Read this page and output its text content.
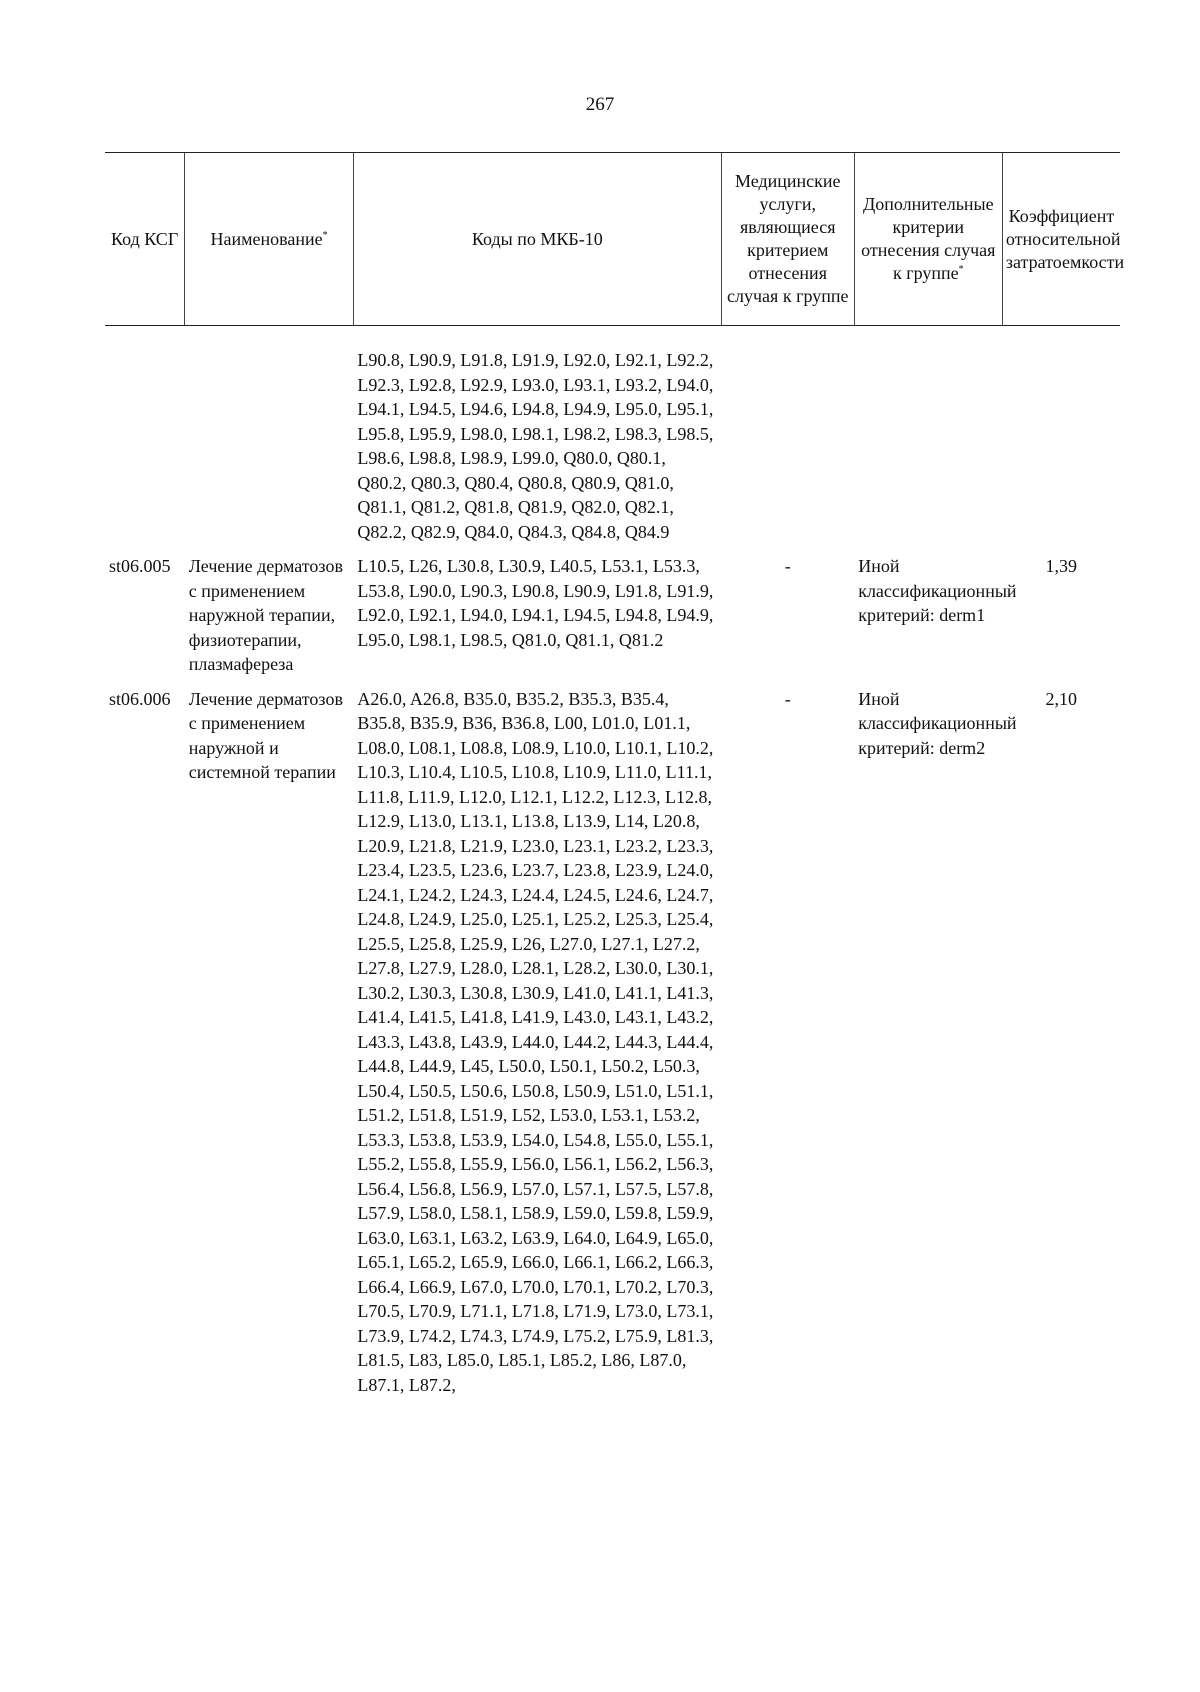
267
Код КСГ	Наименование*	Коды по МКБ-10	Медицинские услуги, являющиеся критерием отнесения случая к группе	Дополнительные критерии отнесения случая к группе*	Коэффициент относительной затратоемкости

		L90.8, L90.9, L91.8, L91.9, L92.0, L92.1, L92.2, L92.3, L92.8, L92.9, L93.0, L93.1, L93.2, L94.0, L94.1, L94.5, L94.6, L94.8, L94.9, L95.0, L95.1, L95.8, L95.9, L98.0, L98.1, L98.2, L98.3, L98.5, L98.6, L98.8, L98.9, L99.0, Q80.0, Q80.1, Q80.2, Q80.3, Q80.4, Q80.8, Q80.9, Q81.0, Q81.1, Q81.2, Q81.8, Q81.9, Q82.0, Q82.1, Q82.2, Q82.9, Q84.0, Q84.3, Q84.8, Q84.9			

st06.005	Лечение дерматозов с применением наружной терапии, физиотерапии, плазмафереза	L10.5, L26, L30.8, L30.9, L40.5, L53.1, L53.3, L53.8, L90.0, L90.3, L90.8, L90.9, L91.8, L91.9, L92.0, L92.1, L94.0, L94.1, L94.5, L94.8, L94.9, L95.0, L98.1, L98.5, Q81.0, Q81.1, Q81.2	-	Иной классификационный критерий: derm1	1,39

st06.006	Лечение дерматозов с применением наружной и системной терапии	A26.0, A26.8, B35.0, B35.2, B35.3, B35.4, B35.8, B35.9, B36, B36.8, L00, L01.0, L01.1, L08.0, L08.1, L08.8, L08.9, L10.0, L10.1, L10.2, L10.3, L10.4, L10.5, L10.8, L10.9, L11.0, L11.1, L11.8, L11.9, L12.0, L12.1, L12.2, L12.3, L12.8, L12.9, L13.0, L13.1, L13.8, L13.9, L14, L20.8, L20.9, L21.8, L21.9, L23.0, L23.1, L23.2, L23.3, L23.4, L23.5, L23.6, L23.7, L23.8, L23.9, L24.0, L24.1, L24.2, L24.3, L24.4, L24.5, L24.6, L24.7, L24.8, L24.9, L25.0, L25.1, L25.2, L25.3, L25.4, L25.5, L25.8, L25.9, L26, L27.0, L27.1, L27.2, L27.8, L27.9, L28.0, L28.1, L28.2, L30.0, L30.1, L30.2, L30.3, L30.8, L30.9, L41.0, L41.1, L41.3, L41.4, L41.5, L41.8, L41.9, L43.0, L43.1, L43.2, L43.3, L43.8, L43.9, L44.0, L44.2, L44.3, L44.4, L44.8, L44.9, L45, L50.0, L50.1, L50.2, L50.3, L50.4, L50.5, L50.6, L50.8, L50.9, L51.0, L51.1, L51.2, L51.8, L51.9, L52, L53.0, L53.1, L53.2, L53.3, L53.8, L53.9, L54.0, L54.8, L55.0, L55.1, L55.2, L55.8, L55.9, L56.0, L56.1, L56.2, L56.3, L56.4, L56.8, L56.9, L57.0, L57.1, L57.5, L57.8, L57.9, L58.0, L58.1, L58.9, L59.0, L59.8, L59.9, L63.0, L63.1, L63.2, L63.9, L64.0, L64.9, L65.0, L65.1, L65.2, L65.9, L66.0, L66.1, L66.2, L66.3, L66.4, L66.9, L67.0, L70.0, L70.1, L70.2, L70.3, L70.5, L70.9, L71.1, L71.8, L71.9, L73.0, L73.1, L73.9, L74.2, L74.3, L74.9, L75.2, L75.9, L81.3, L81.5, L83, L85.0, L85.1, L85.2, L86, L87.0, L87.1, L87.2,	-	Иной классификационный критерий: derm2	2,10
